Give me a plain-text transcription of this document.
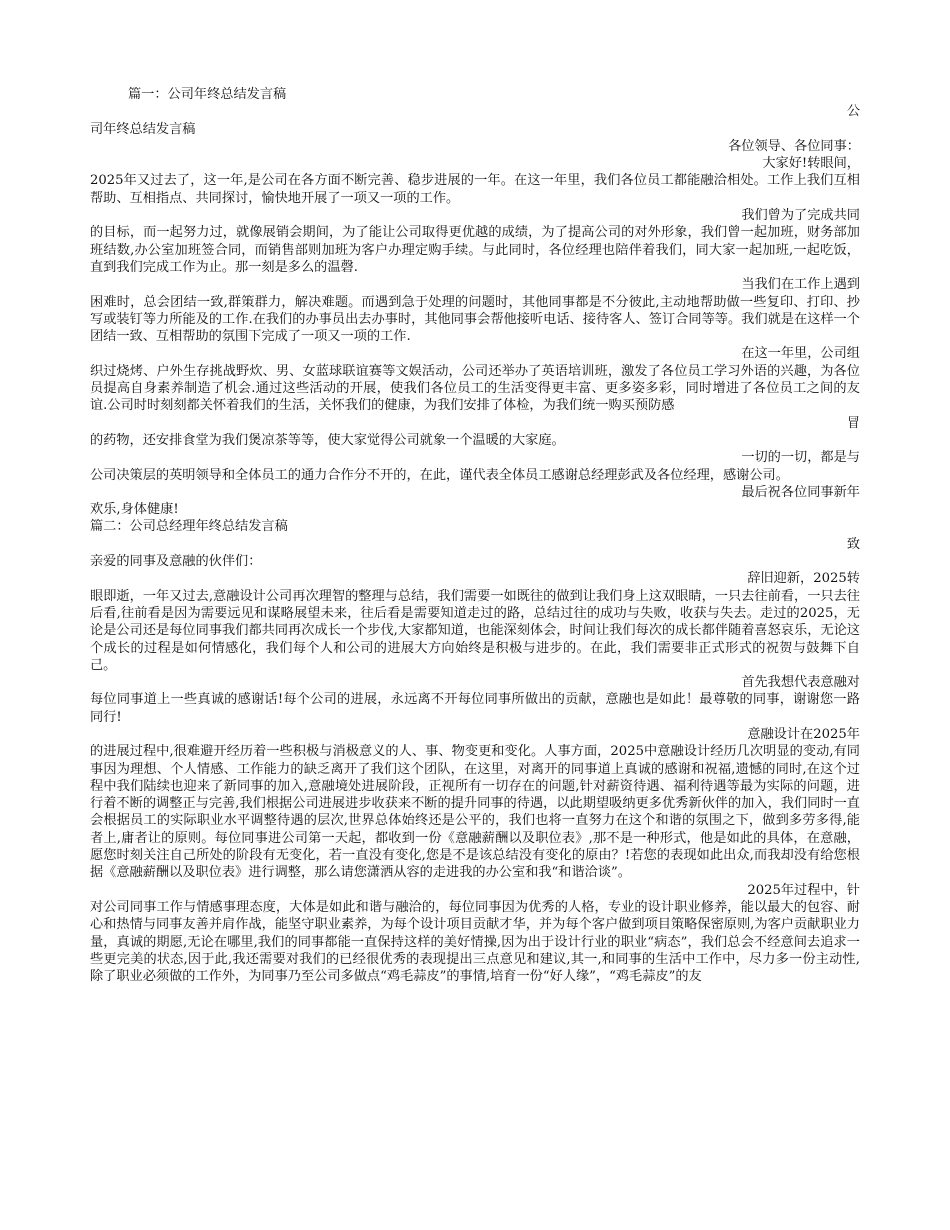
篇一：公司年终总结发言稿

公

司年终总结发言稿

各位领导、各位同事：

大家好!转眼间，

2025年又过去了，这一年,是公司在各方面不断完善、稳步进展的一年。在这一年里，我们各位员工都能融洽相处。工作上我们互相帮助、互相指点、共同探讨，愉快地开展了一项又一项的工作。

我们曾为了完成共同

的目标，而一起努力过，就像展销会期间，为了能让公司取得更优越的成绩，为了提高公司的对外形象，我们曾一起加班，财务部加班结数,办公室加班签合同，而销售部则加班为客户办理定购手续。与此同时，各位经理也陪伴着我们，同大家一起加班,一起吃饭，直到我们完成工作为止。那一刻是多么的温磬.

当我们在工作上遇到

困难时，总会团结一致,群策群力，解决难题。而遇到急于处理的问题时，其他同事都是不分彼此,主动地帮助做一些复印、打印、抄写或装钉等力所能及的工作.在我们的办事员出去办事时，其他同事会帮他接听电话、接待客人、签订合同等等。我们就是在这样一个团结一致、互相帮助的氛围下完成了一项又一项的工作.

在这一年里，公司组

织过烧烤、户外生存挑战野炊、男、女蓝球联谊赛等文娱活动，公司还举办了英语培训班，激发了各位员工学习外语的兴趣，为各位员提高自身素养制造了机会.通过这些活动的开展，使我们各位员工的生活变得更丰富、更多姿多彩，同时增进了各位员工之间的友谊.公司时时刻刻都关怀着我们的生活，关怀我们的健康，为我们安排了体检，为我们统一购买预防感

冒

的药物，还安排食堂为我们煲凉茶等等，使大家觉得公司就象一个温暖的大家庭。

一切的一切，都是与

公司决策层的英明领导和全体员工的通力合作分不开的，在此，谨代表全体员工感谢总经理彭武及各位经理，感谢公司。

最后祝各位同事新年

欢乐,身体健康!

篇二：公司总经理年终总结发言稿

致

亲爱的同事及意融的伙伴们：

辞旧迎新，2025转

眼即逝，一年又过去,意融设计公司再次理智的整理与总结，我们需要一如既往的做到让我们身上这双眼睛，一只去往前看，一只去往后看,往前看是因为需要远见和谋略展望未来，往后看是需要知道走过的路，总结过往的成功与失败，收获与失去。走过的2025，无论是公司还是每位同事我们都共同再次成长一个步伐,大家都知道，也能深刻体会，时间让我们每次的成长都伴随着喜怒哀乐，无论这个成长的过程是如何情感化，我们每个人和公司的进展大方向始终是积极与进步的。在此，我们需要非正式形式的祝贺与鼓舞下自己。

首先我想代表意融对

每位同事道上一些真诚的感谢话!每个公司的进展，永远离不开每位同事所做出的贡献，意融也是如此！最尊敬的同事，谢谢您一路同行!

意融设计在2025年

的进展过程中,很难避开经历着一些积极与消极意义的人、事、物变更和变化。人事方面，2025中意融设计经历几次明显的变动,有同事因为理想、个人情感、工作能力的缺乏离开了我们这个团队，在这里，对离开的同事道上真诚的感谢和祝福,遗憾的同时,在这个过程中我们陆续也迎来了新同事的加入,意融境处进展阶段，正视所有一切存在的问题,针对薪资待遇、福利待遇等最为实际的问题，进行着不断的调整正与完善,我们根据公司进展进步收获来不断的提升同事的待遇，以此期望吸纳更多优秀新伙伴的加入，我们同时一直会根据员工的实际职业水平调整待遇的层次,世界总体始终还是公平的，我们也将一直努力在这个和谐的氛围之下，做到多劳多得,能者上,庸者让的原则。每位同事进公司第一天起，都收到一份《意融薪酬以及职位表》,那不是一种形式，他是如此的具体，在意融，愿您时刻关注自己所处的阶段有无变化，若一直没有变化,您是不是该总结没有变化的原由？!若您的表现如此出众,而我却没有给您根据《意融薪酬以及职位表》进行调整，那么请您潇洒从容的走进我的办公室和我“和谐洽谈”。

2025年过程中，针

对公司同事工作与情感事理态度，大体是如此和谐与融洽的，每位同事因为优秀的人格，专业的设计职业修养，能以最大的包容、耐心和热情与同事友善并肩作战，能坚守职业素养，为每个设计项目贡献才华，并为每个客户做到项目策略保密原则,为客户贡献职业力量，真诚的期愿,无论在哪里,我们的同事都能一直保持这样的美好情操,因为出于设计行业的职业“病态”，我们总会不经意间去追求一些更完美的状态,因于此,我还需要对我们的已经很优秀的表现提出三点意见和建议,其一,和同事的生活中工作中，尽力多一份主动性,除了职业必须做的工作外，为同事乃至公司多做点“鸡毛蒜皮”的事情,培育一份“好人缘”，“鸡毛蒜皮”的友
